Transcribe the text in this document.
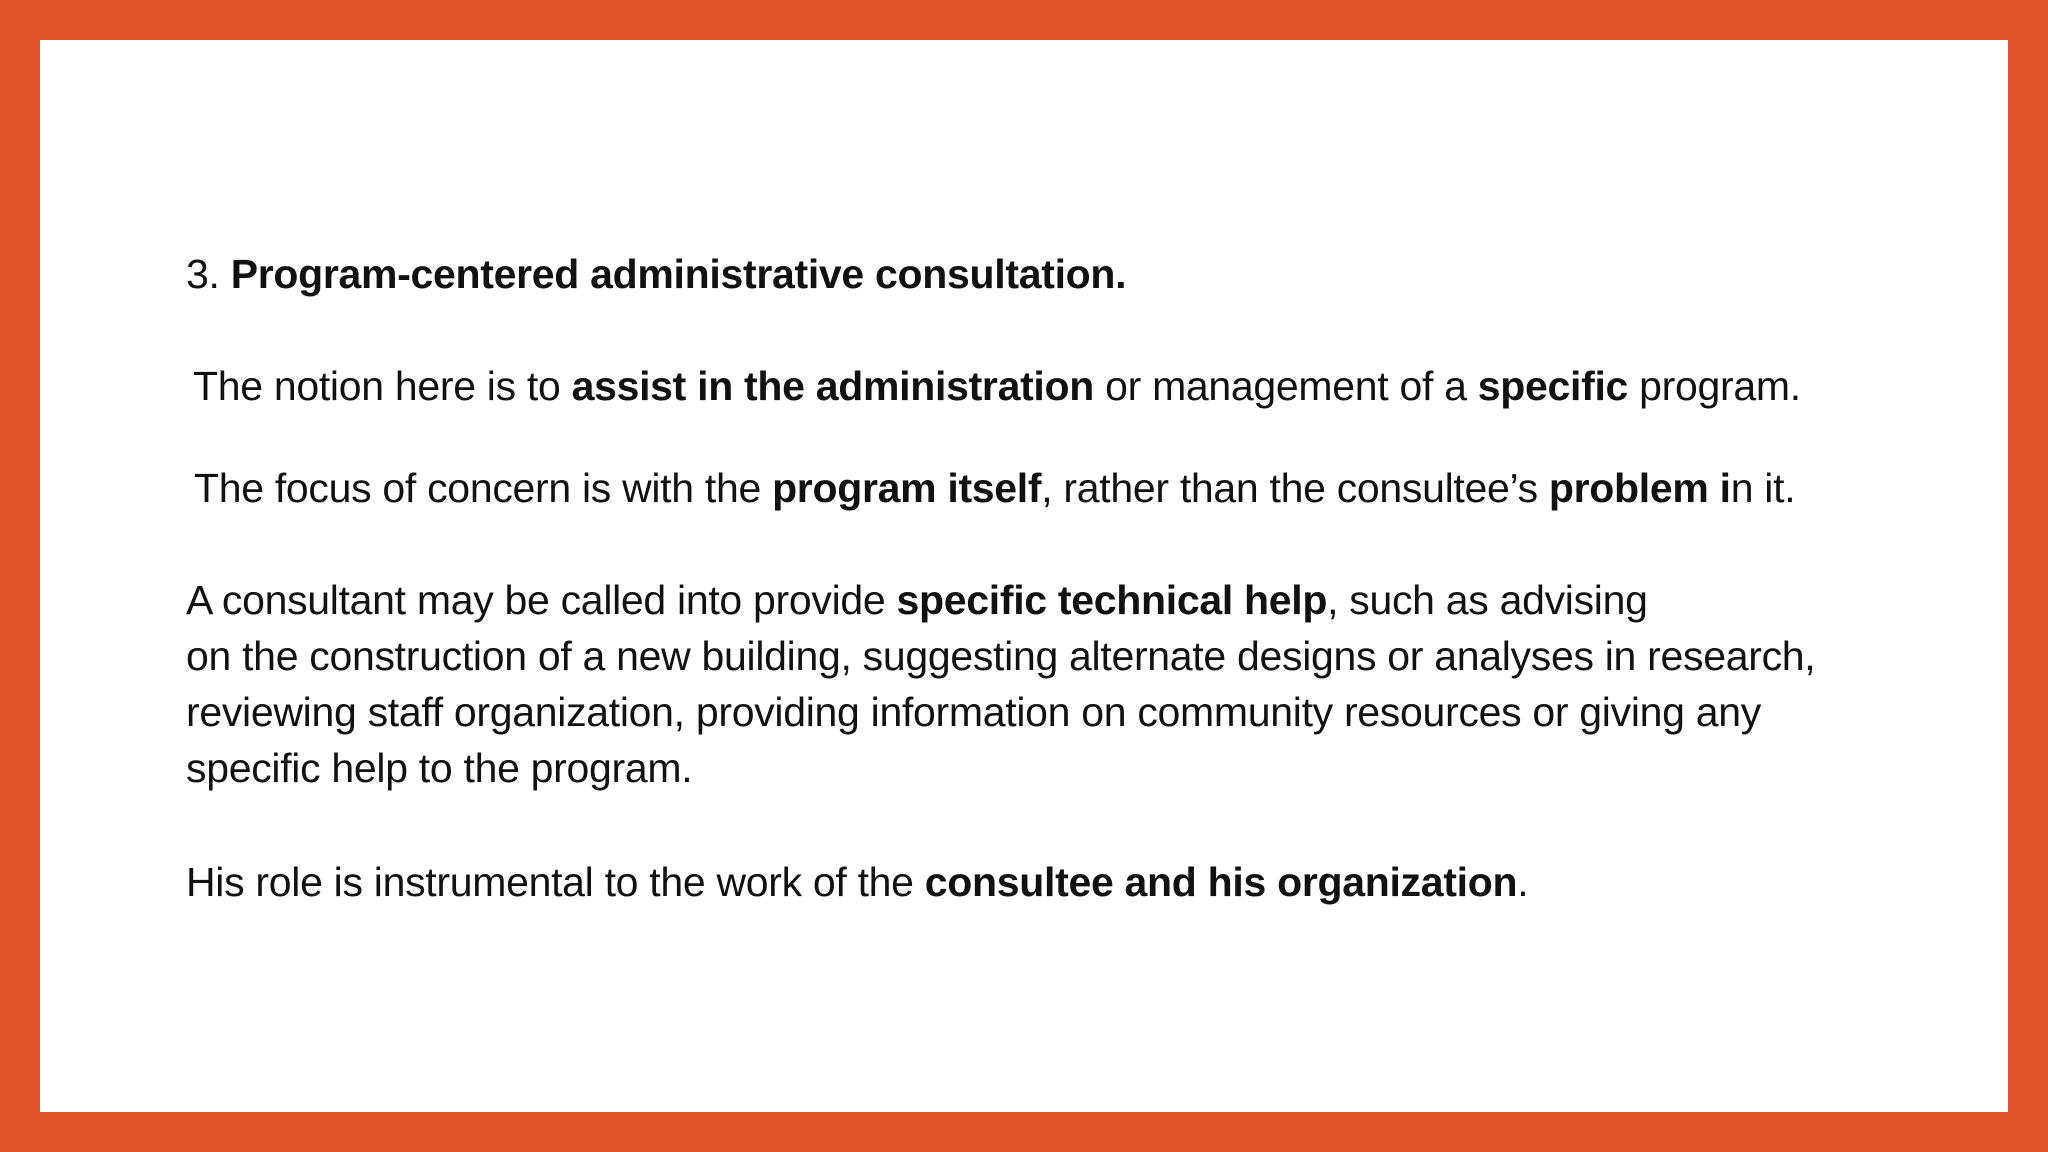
3. Program-centered administrative consultation.
The notion here is to assist in the administration or management of a specific program.
The focus of concern is with the program itself, rather than the consultee’s problem in it.
A consultant may be called into provide specific technical help, such as advising
on the construction of a new building, suggesting alternate designs or analyses in research,
reviewing staff organization, providing information on community resources or giving any
specific help to the program.
His role is instrumental to the work of the consultee and his organization.
